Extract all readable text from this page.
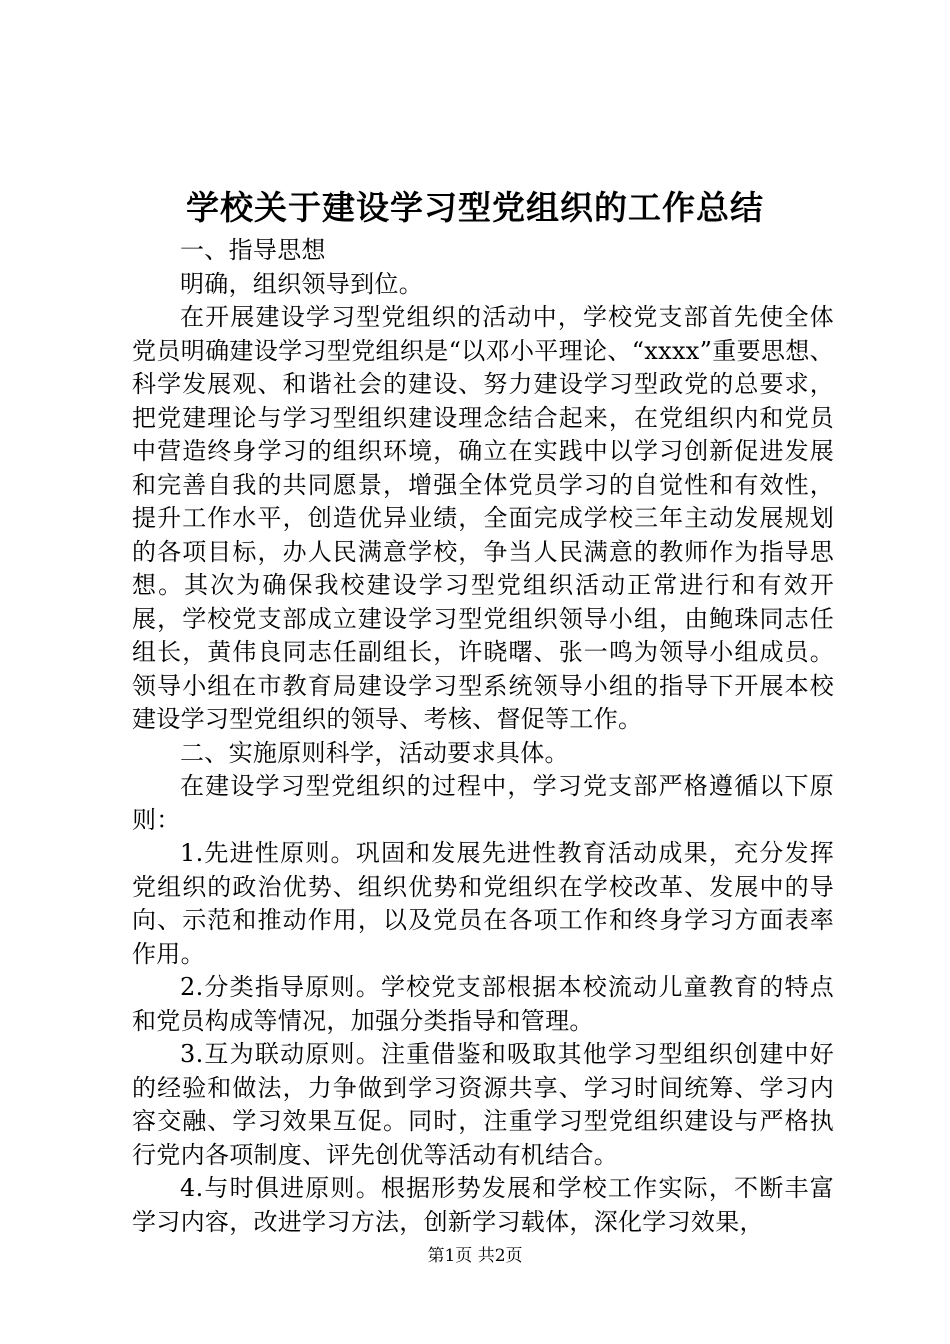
学校关于建设学习型党组织的工作总结

一、指导思想

明确，组织领导到位。

在开展建设学习型党组织的活动中，学校党支部首先使全体党员明确建设学习型党组织是“以邓小平理论、“xxxx”重要思想、科学发展观、和谐社会的建设、努力建设学习型政党的总要求，把党建理论与学习型组织建设理念结合起来，在党组织内和党员中营造终身学习的组织环境，确立在实践中以学习创新促进发展和完善自我的共同愿景，增强全体党员学习的自觉性和有效性，提升工作水平，创造优异业绩，全面完成学校三年主动发展规划的各项目标，办人民满意学校，争当人民满意的教师作为指导思想。其次为确保我校建设学习型党组织活动正常进行和有效开展，学校党支部成立建设学习型党组织领导小组，由鲍珠同志任组长，黄伟良同志任副组长，许晓曙、张一鸣为领导小组成员。领导小组在市教育局建设学习型系统领导小组的指导下开展本校建设学习型党组织的领导、考核、督促等工作。

二、实施原则科学，活动要求具体。

在建设学习型党组织的过程中，学习党支部严格遵循以下原则：

1.先进性原则。巩固和发展先进性教育活动成果，充分发挥党组织的政治优势、组织优势和党组织在学校改革、发展中的导向、示范和推动作用，以及党员在各项工作和终身学习方面表率作用。

2.分类指导原则。学校党支部根据本校流动儿童教育的特点和党员构成等情况，加强分类指导和管理。

3.互为联动原则。注重借鉴和吸取其他学习型组织创建中好的经验和做法，力争做到学习资源共享、学习时间统筹、学习内容交融、学习效果互促。同时，注重学习型党组织建设与严格执行党内各项制度、评先创优等活动有机结合。

4.与时俱进原则。根据形势发展和学校工作实际，不断丰富学习内容，改进学习方法，创新学习载体，深化学习效果，

第1页 共2页
